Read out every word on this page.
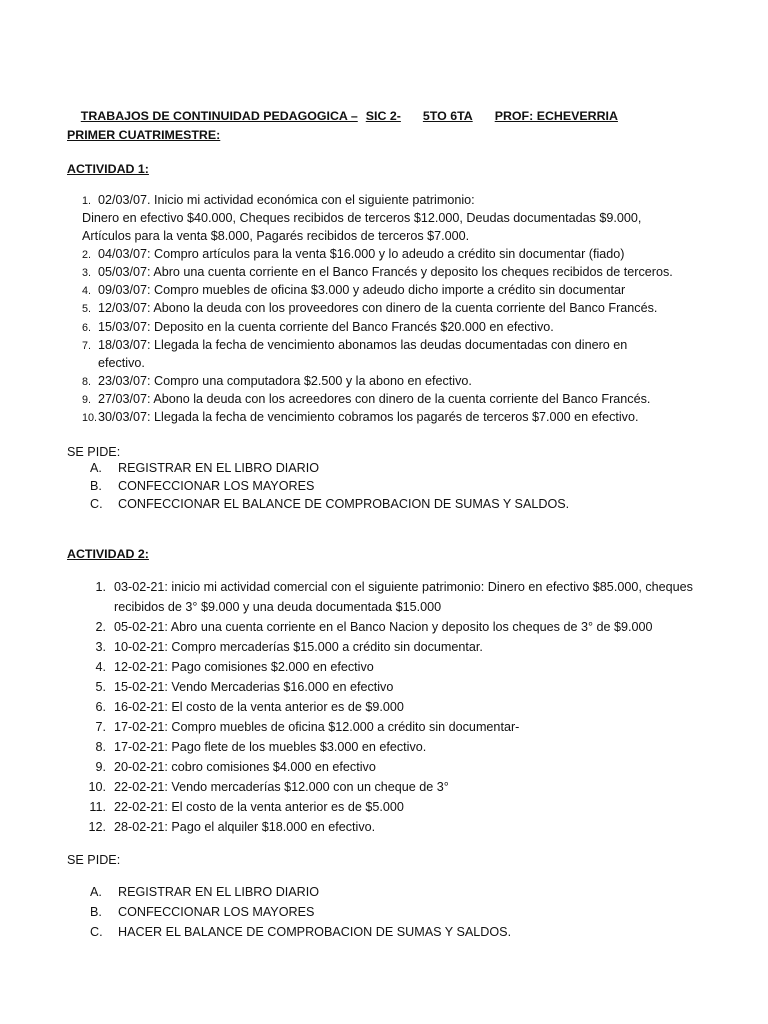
TRABAJOS DE CONTINUIDAD PEDAGOGICA – SIC 2- 5TO 6TA PROF: ECHEVERRIA

PRIMER CUATRIMESTRE:
ACTIVIDAD 1:
1. 02/03/07. Inicio mi actividad económica con el siguiente patrimonio:
Dinero en efectivo $40.000, Cheques recibidos de terceros $12.000, Deudas documentadas $9.000,
Artículos para la venta $8.000, Pagarés recibidos de terceros $7.000.
2. 04/03/07: Compro artículos para la venta $16.000 y lo adeudo a crédito sin documentar (fiado)
3. 05/03/07: Abro una cuenta corriente en el Banco Francés y deposito los cheques recibidos de terceros.
4. 09/03/07: Compro muebles de oficina $3.000 y adeudo dicho importe a crédito sin documentar
5. 12/03/07: Abono la deuda con los proveedores con dinero de la cuenta corriente del Banco Francés.
6. 15/03/07: Deposito en la cuenta corriente del Banco Francés $20.000 en efectivo.
7. 18/03/07: Llegada la fecha de vencimiento abonamos las deudas documentadas con dinero en
efectivo.
8. 23/03/07: Compro una computadora $2.500 y la abono en efectivo.
9. 27/03/07: Abono la deuda con los acreedores con dinero de la cuenta corriente del Banco Francés.
10.30/03/07: Llegada la fecha de vencimiento cobramos los pagarés de terceros $7.000 en efectivo.
SE PIDE:
A. REGISTRAR EN EL LIBRO DIARIO
B. CONFECCIONAR LOS MAYORES
C. CONFECCIONAR EL BALANCE DE COMPROBACION DE SUMAS Y SALDOS.
ACTIVIDAD 2:
1. 03-02-21: inicio mi actividad comercial con el siguiente patrimonio: Dinero en efectivo $85.000, cheques
recibidos de 3° $9.000 y una deuda documentada $15.000
2. 05-02-21: Abro una cuenta corriente en el Banco Nacion y deposito los cheques de 3° de $9.000
3. 10-02-21: Compro mercaderías $15.000 a crédito sin documentar.
4. 12-02-21: Pago comisiones $2.000 en efectivo
5. 15-02-21: Vendo Mercaderias $16.000 en efectivo
6. 16-02-21: El costo de la venta anterior es de $9.000
7. 17-02-21: Compro muebles de oficina $12.000 a crédito sin documentar-
8. 17-02-21: Pago flete de los muebles $3.000 en efectivo.
9. 20-02-21: cobro comisiones $4.000 en efectivo
10. 22-02-21: Vendo mercaderías $12.000 con un cheque de 3°
11. 22-02-21: El costo de la venta anterior es de $5.000
12. 28-02-21: Pago el alquiler $18.000 en efectivo.
SE PIDE:
A. REGISTRAR EN EL LIBRO DIARIO
B. CONFECCIONAR LOS MAYORES
C. HACER EL BALANCE DE COMPROBACION DE SUMAS Y SALDOS.
